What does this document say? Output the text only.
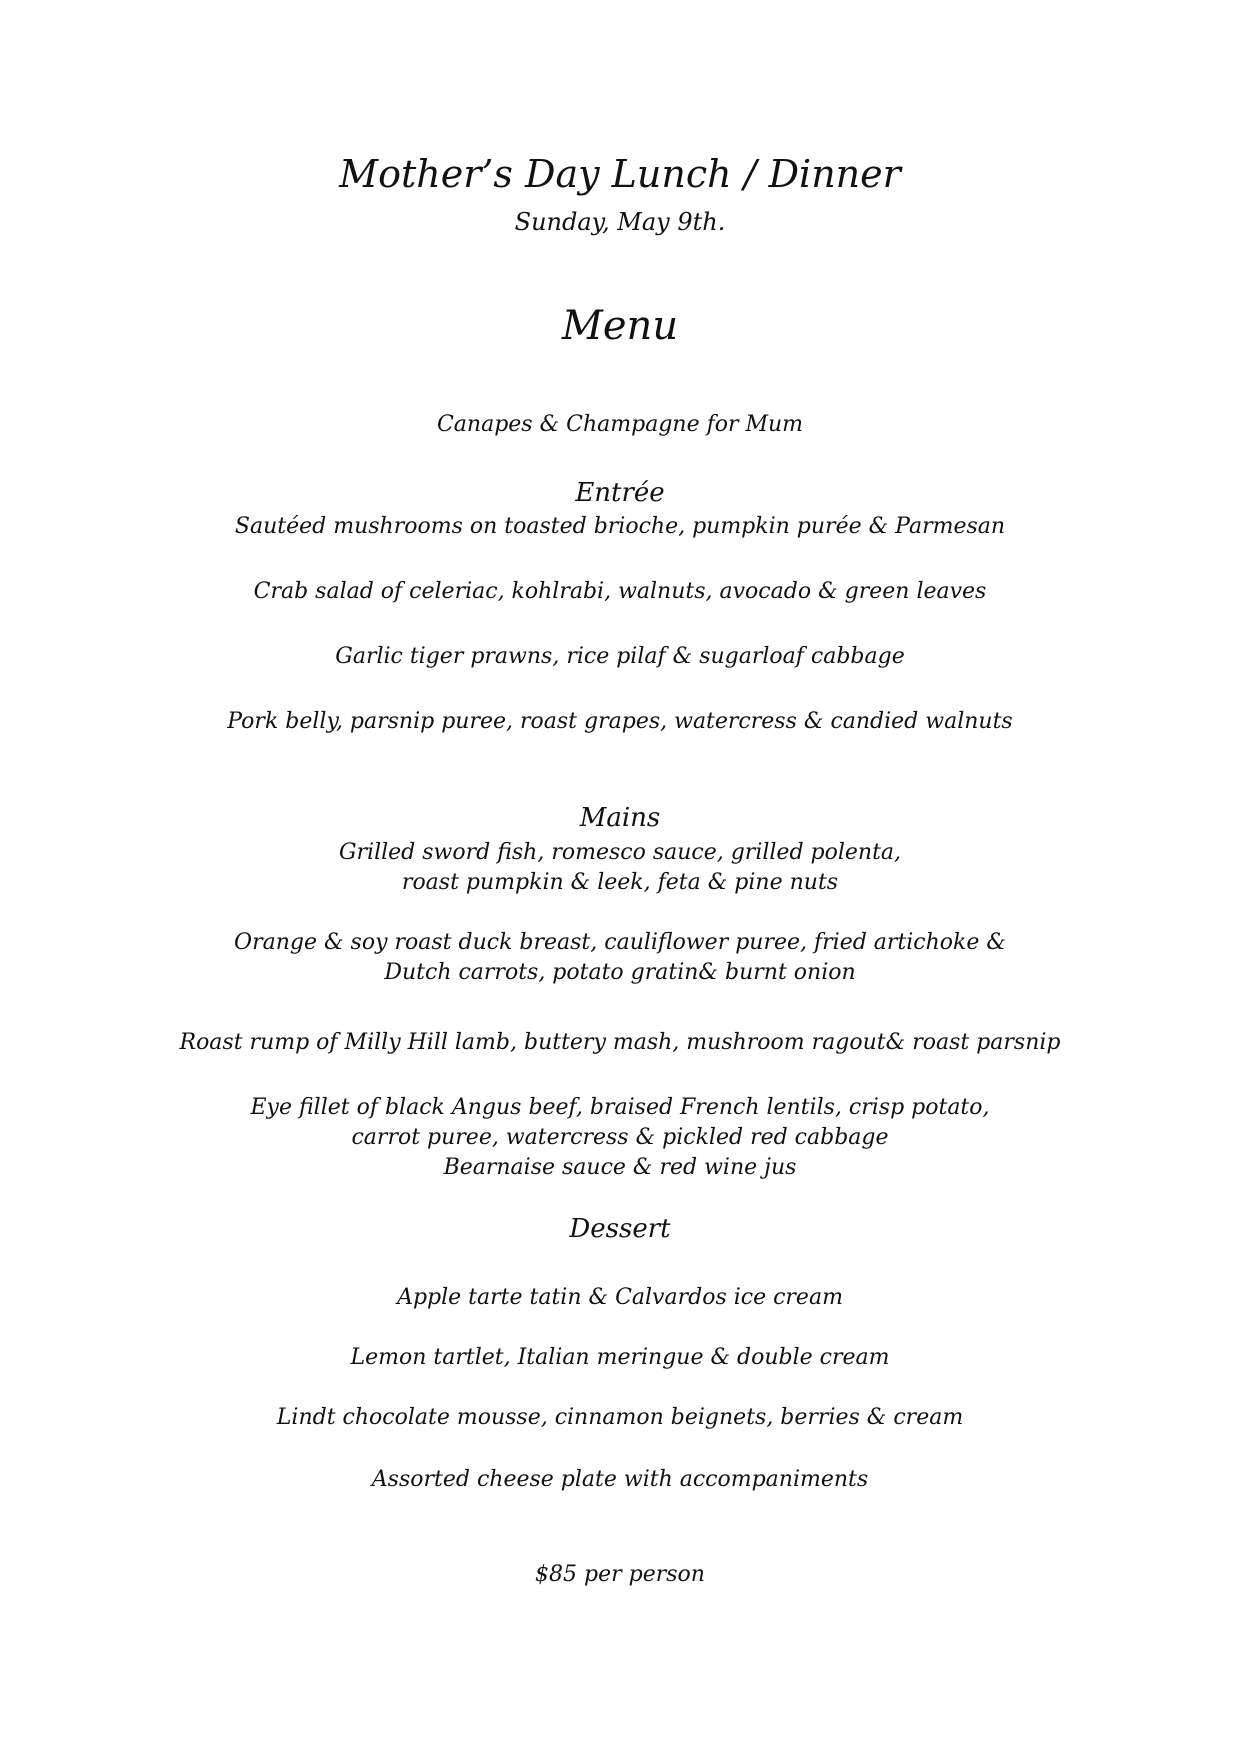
Mother’s Day Lunch / Dinner
Sunday, May 9th.
Menu
Canapes & Champagne for Mum
Entrée
Sautéed mushrooms on toasted brioche, pumpkin purée & Parmesan
Crab salad of celeriac, kohlrabi, walnuts, avocado & green leaves
Garlic tiger prawns, rice pilaf & sugarloaf cabbage
Pork belly, parsnip puree, roast grapes, watercress & candied walnuts
Mains
Grilled sword fish, romesco sauce, grilled polenta,
roast pumpkin & leek, feta & pine nuts
Orange & soy roast duck breast, cauliflower puree, fried artichoke &
Dutch carrots, potato gratin& burnt onion
Roast rump of Milly Hill lamb, buttery mash, mushroom ragout& roast parsnip
Eye fillet of black Angus beef, braised French lentils, crisp potato,
carrot puree, watercress & pickled red cabbage
Bearnaise sauce & red wine jus
Dessert
Apple tarte tatin & Calvardos ice cream
Lemon tartlet, Italian meringue & double cream
Lindt chocolate mousse, cinnamon beignets, berries & cream
Assorted cheese plate with accompaniments
$85 per person
